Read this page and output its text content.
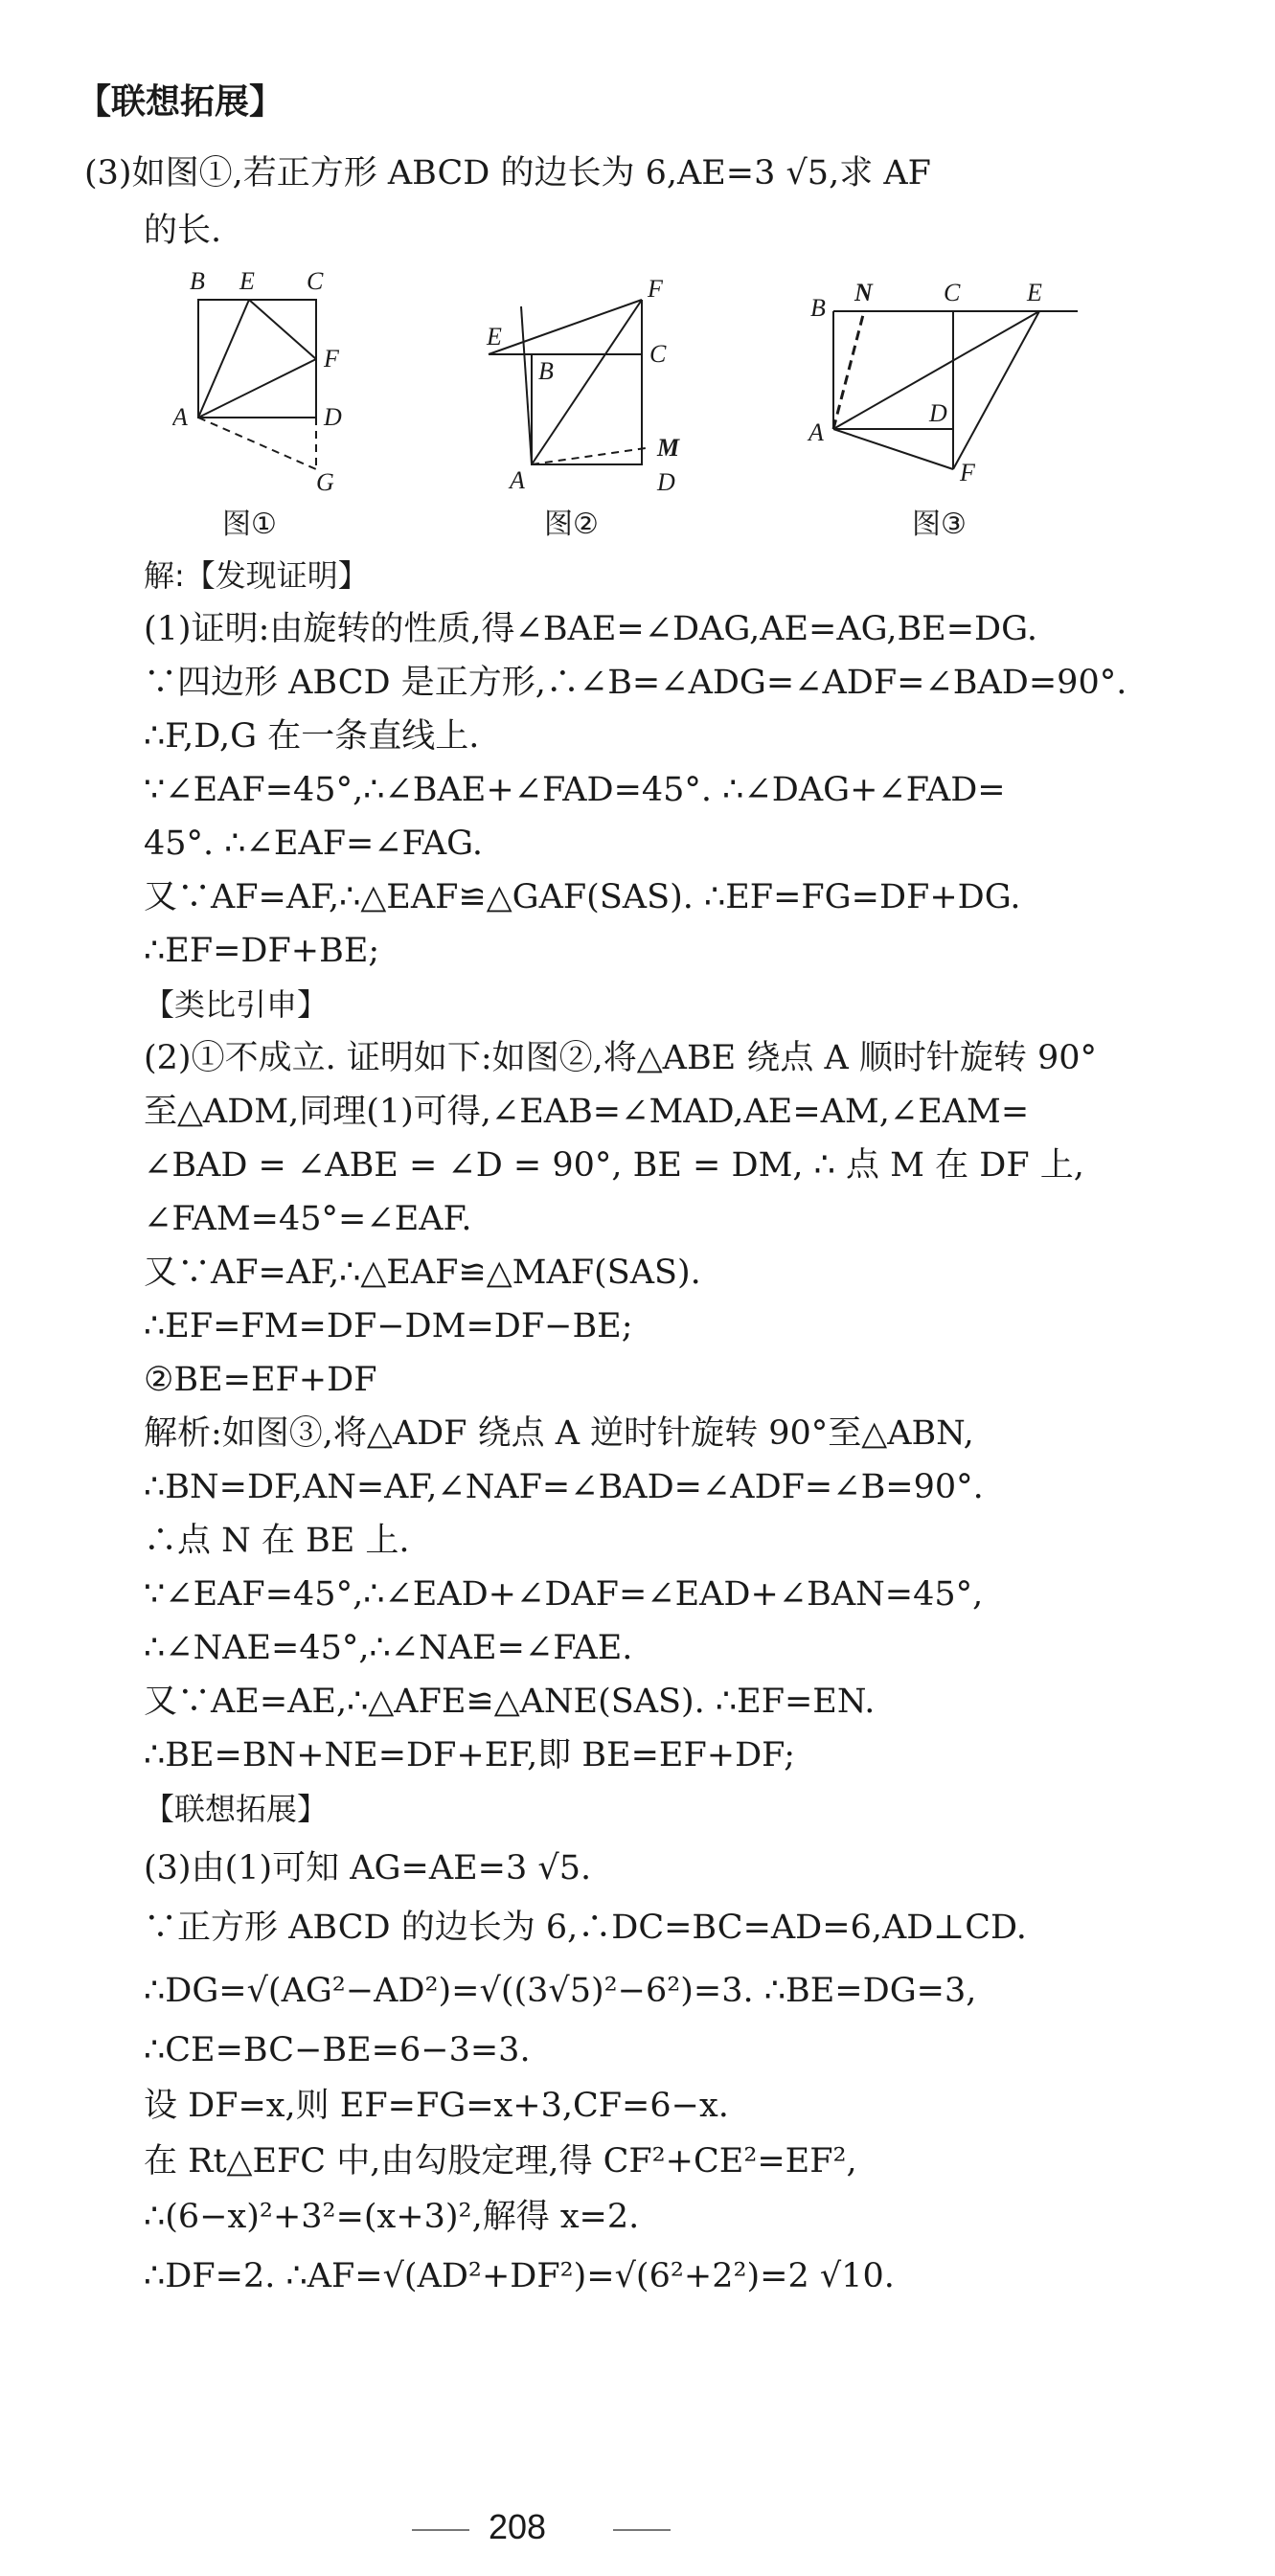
【联想拓展】
(3)如图①,若正方形 ABCD 的边长为 6,AE=3 √5,求 AF
的长.
B E C
F
A	D
G
图①
F
E
B
C
A
M
D
图②
B
N	C	E
A
D
F
图③
解:【发现证明】
(1)证明:由旋转的性质,得∠BAE=∠DAG,AE=AG,BE=DG.
∵四边形 ABCD 是正方形,∴∠B=∠ADG=∠ADF=∠BAD=90°.
∴F,D,G 在一条直线上.
∵∠EAF=45°,∴∠BAE+∠FAD=45°. ∴∠DAG+∠FAD=
45°. ∴∠EAF=∠FAG.
又∵AF=AF,∴△EAF≌△GAF(SAS). ∴EF=FG=DF+DG.
∴EF=DF+BE;
【类比引申】
(2)①不成立. 证明如下:如图②,将△ABE 绕点 A 顺时针旋转 90°
至△ADM,同理(1)可得,∠EAB=∠MAD,AE=AM,∠EAM=
∠BAD = ∠ABE = ∠D = 90°, BE = DM, ∴ 点 M 在 DF 上,
∠FAM=45°=∠EAF.
又∵AF=AF,∴△EAF≌△MAF(SAS).
∴EF=FM=DF−DM=DF−BE;
②BE=EF+DF
解析:如图③,将△ADF 绕点 A 逆时针旋转 90°至△ABN,
∴BN=DF,AN=AF,∠NAF=∠BAD=∠ADF=∠B=90°.
∴点 N 在 BE 上.
∵∠EAF=45°,∴∠EAD+∠DAF=∠EAD+∠BAN=45°,
∴∠NAE=45°,∴∠NAE=∠FAE.
又∵AE=AE,∴△AFE≌△ANE(SAS). ∴EF=EN.
∴BE=BN+NE=DF+EF,即 BE=EF+DF;
【联想拓展】
(3)由(1)可知 AG=AE=3 √5.
∵正方形 ABCD 的边长为 6,∴DC=BC=AD=6,AD⊥CD.
∴DG=√(AG²−AD²)=√((3√5)²−6²)=3. ∴BE=DG=3,
∴CE=BC−BE=6−3=3.
设 DF=x,则 EF=FG=x+3,CF=6−x.
在 Rt△EFC 中,由勾股定理,得 CF²+CE²=EF²,
∴(6−x)²+3²=(x+3)²,解得 x=2.
∴DF=2. ∴AF=√(AD²+DF²)=√(6²+2²)=2 √10.
208
